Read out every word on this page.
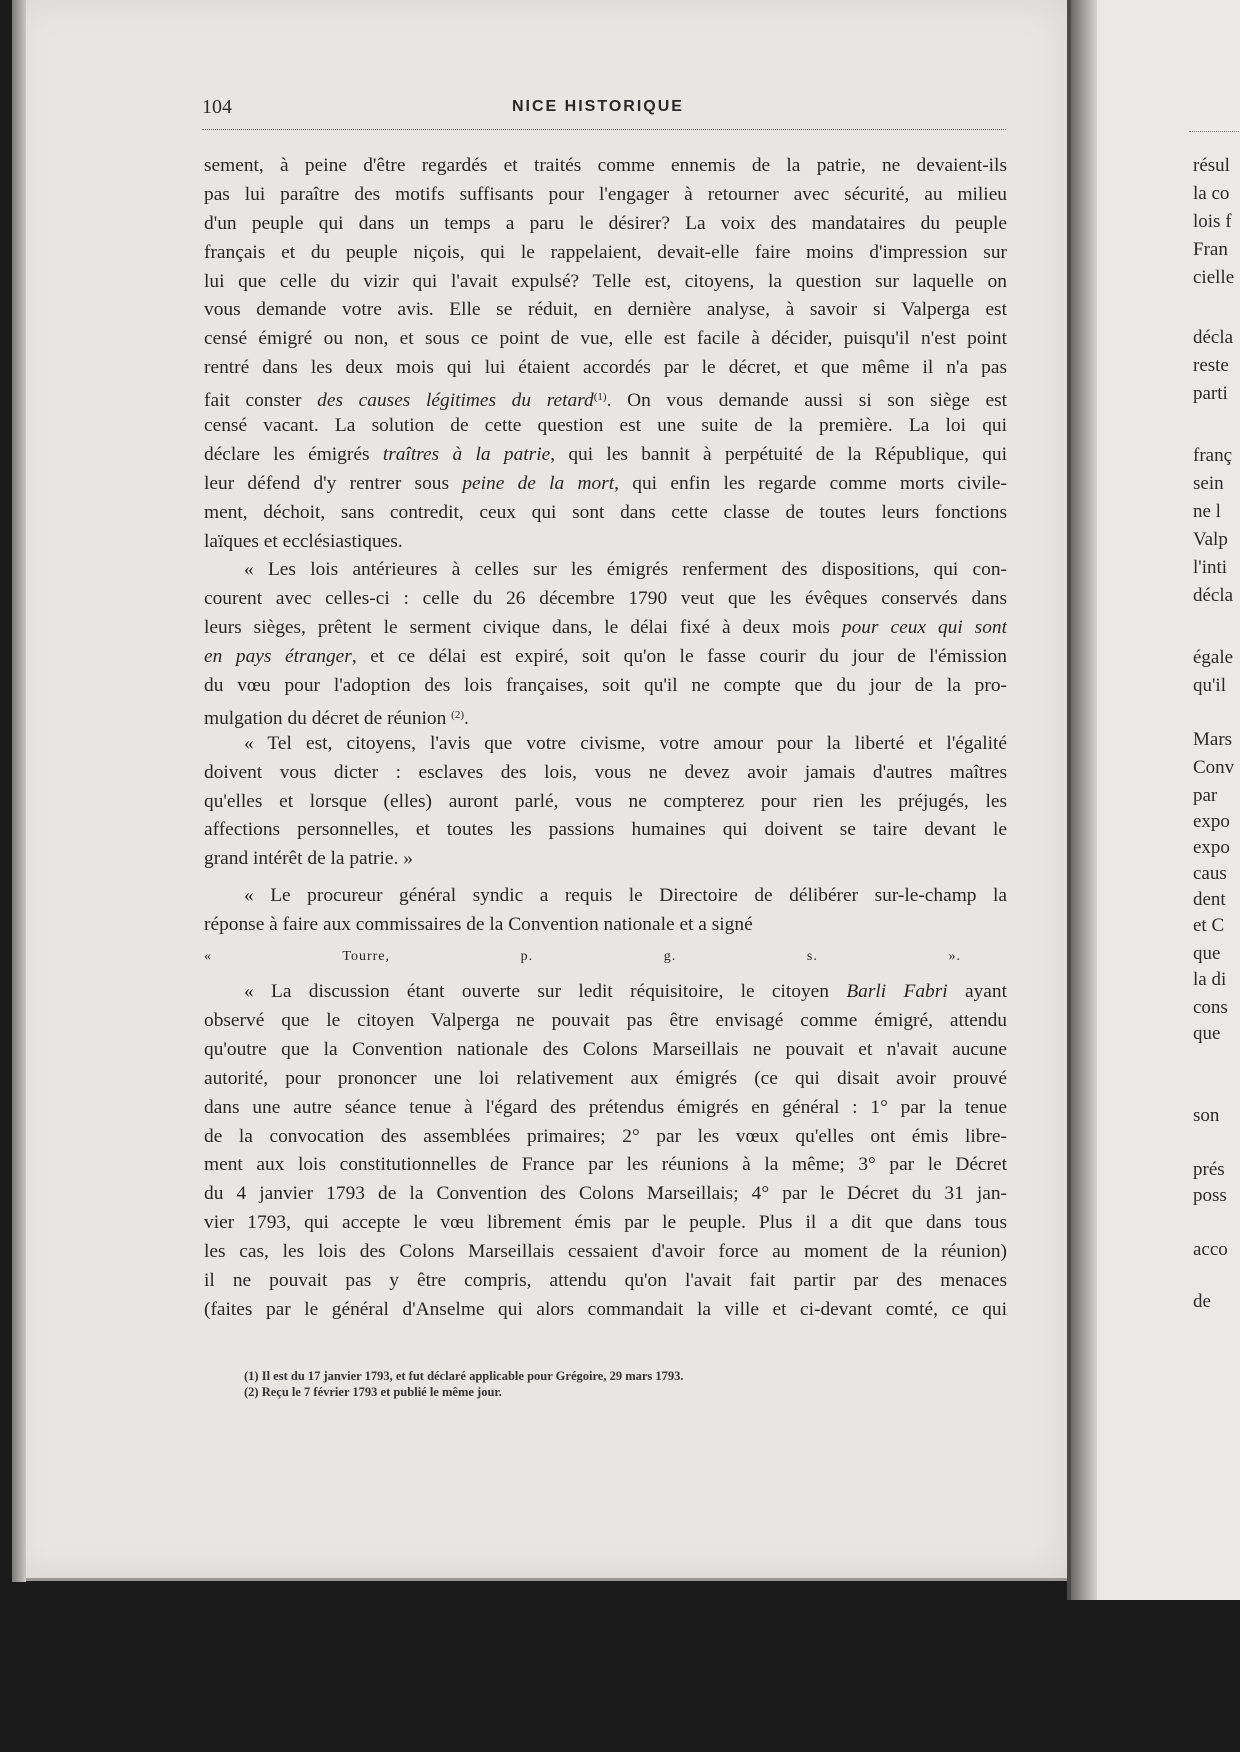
104	NICE HISTORIQUE
sement, à peine d'être regardés et traités comme ennemis de la patrie, ne devaient-ils
pas lui paraître des motifs suffisants pour l'engager à retourner avec sécurité, au milieu
d'un peuple qui dans un temps a paru le désirer? La voix des mandataires du peuple
français et du peuple niçois, qui le rappelaient, devait-elle faire moins d'impression sur
lui que celle du vizir qui l'avait expulsé? Telle est, citoyens, la question sur laquelle on
vous demande votre avis. Elle se réduit, en dernière analyse, à savoir si Valperga est
censé émigré ou non, et sous ce point de vue, elle est facile à décider, puisqu'il n'est point
rentré dans les deux mois qui lui étaient accordés par le décret, et que même il n'a pas
fait conster des causes légitimes du retard$^{(1)}$. On vous demande aussi si son siège est
censé vacant. La solution de cette question est une suite de la première. La loi qui
déclare les émigrés traîtres à la patrie, qui les bannit à perpétuité de la République, qui
leur défend d'y rentrer sous peine de la mort, qui enfin les regarde comme morts civile-
ment, déchoit, sans contredit, ceux qui sont dans cette classe de toutes leurs fonctions
laïques et ecclésiastiques.
« Les lois antérieures à celles sur les émigrés renferment des dispositions, qui con-
courent avec celles-ci : celle du 26 décembre 1790 veut que les évêques conservés dans
leurs sièges, prêtent le serment civique dans, le délai fixé à deux mois pour ceux qui sont
en pays étranger, et ce délai est expiré, soit qu'on le fasse courir du jour de l'émission
du vœu pour l'adoption des lois françaises, soit qu'il ne compte que du jour de la pro-
mulgation du décret de réunion $^{(2)}$.
« Tel est, citoyens, l'avis que votre civisme, votre amour pour la liberté et l'égalité
doivent vous dicter : esclaves des lois, vous ne devez avoir jamais d'autres maîtres
qu'elles et lorsque (elles) auront parlé, vous ne compterez pour rien les préjugés, les
affections personnelles, et toutes les passions humaines qui doivent se taire devant le
grand intérêt de la patrie. »
« Le procureur général syndic a requis le Directoire de délibérer sur-le-champ la
réponse à faire aux commissaires de la Convention nationale et a signé
« Tourre, p. g. s. ».
« La discussion étant ouverte sur ledit réquisitoire, le citoyen Barli Fabri ayant
observé que le citoyen Valperga ne pouvait pas être envisagé comme émigré, attendu
qu'outre que la Convention nationale des Colons Marseillais ne pouvait et n'avait aucune
autorité, pour prononcer une loi relativement aux émigrés (ce qui disait avoir prouvé
dans une autre séance tenue à l'égard des prétendus émigrés en général : 1° par la tenue
de la convocation des assemblées primaires; 2° par les vœux qu'elles ont émis libre-
ment aux lois constitutionnelles de France par les réunions à la même; 3° par le Décret
du 4 janvier 1793 de la Convention des Colons Marseillais; 4° par le Décret du 31 jan-
vier 1793, qui accepte le vœu librement émis par le peuple. Plus il a dit que dans tous
les cas, les lois des Colons Marseillais cessaient d'avoir force au moment de la réunion)
il ne pouvait pas y être compris, attendu qu'on l'avait fait partir par des menaces
(faites par le général d'Anselme qui alors commandait la ville et ci-devant comté, ce qui
(1) Il est du 17 janvier 1793, et fut déclaré applicable pour Grégoire, 29 mars 1793.
(2) Reçu le 7 février 1793 et publié le même jour.
résul
la co
lois f
Fran
cielle
décla
reste
parti
franç
sein
ne l
Valp
l'inti
décla
égale
qu'il
Mars
Conv
par
expo
expo
caus
dent
et C
que
la di
cons
que
son
prés
poss
acco
de
